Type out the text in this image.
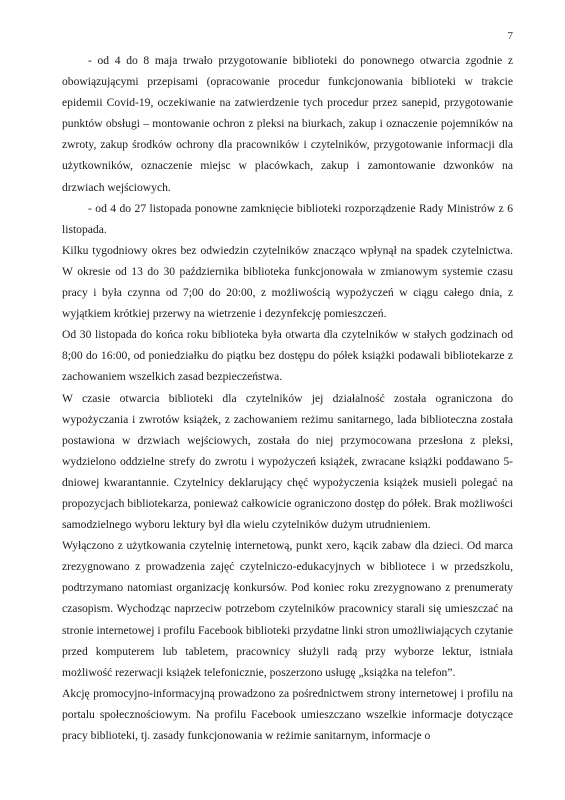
7

- od 4 do 8 maja trwało przygotowanie biblioteki do ponownego otwarcia zgodnie z obowiązującymi przepisami (opracowanie procedur funkcjonowania biblioteki w trakcie epidemii Covid-19, oczekiwanie na zatwierdzenie tych procedur przez sanepid, przygotowanie punktów obsługi – montowanie ochron z pleksi na biurkach, zakup i oznaczenie pojemników na zwroty, zakup środków ochrony dla pracowników i czytelników, przygotowanie informacji dla użytkowników, oznaczenie miejsc w placówkach, zakup i zamontowanie dzwonków na drzwiach wejściowych.

- od 4 do 27 listopada ponowne zamknięcie biblioteki rozporządzenie Rady Ministrów z 6 listopada.

Kilku tygodniowy okres bez odwiedzin czytelników znacząco wpłynął na spadek czytelnictwa. W okresie od 13 do 30 października biblioteka funkcjonowała w zmianowym systemie czasu pracy i była czynna od 7;00 do 20:00, z możliwością wypożyczeń w ciągu całego dnia, z wyjątkiem krótkiej przerwy na wietrzenie i dezynfekcję pomieszczeń.

Od 30 listopada do końca roku biblioteka była otwarta dla czytelników w stałych godzinach od 8;00 do 16:00, od poniedziałku do piątku bez dostępu do półek książki podawali bibliotekarze z zachowaniem wszelkich zasad bezpieczeństwa.

W czasie otwarcia biblioteki dla czytelników jej działalność została ograniczona do wypożyczania i zwrotów książek, z zachowaniem reżimu sanitarnego, lada biblioteczna została postawiona w drzwiach wejściowych, została do niej przymocowana przesłona z pleksi, wydzielono oddzielne strefy do zwrotu i wypożyczeń książek, zwracane książki poddawano 5-dniowej kwarantannie. Czytelnicy deklarujący chęć wypożyczenia książek musieli polegać na propozycjach bibliotekarza, ponieważ całkowicie ograniczono dostęp do półek. Brak możliwości samodzielnego wyboru lektury był dla wielu czytelników dużym utrudnieniem.

Wyłączono z użytkowania czytelnię internetową, punkt xero, kącik zabaw dla dzieci. Od marca zrezygnowano z prowadzenia zajęć czytelniczo-edukacyjnych w bibliotece i w przedszkolu, podtrzymano natomiast organizację konkursów. Pod koniec roku zrezygnowano z prenumeraty czasopism. Wychodząc naprzeciw potrzebom czytelników pracownicy starali się umieszczać na stronie internetowej i profilu Facebook biblioteki przydatne linki stron umożliwiających czytanie przed komputerem lub tabletem, pracownicy służyli radą przy wyborze lektur, istniała możliwość rezerwacji książek telefonicznie, poszerzono usługę „książka na telefon”.

Akcję promocyjno-informacyjną prowadzono za pośrednictwem strony internetowej i profilu na portalu społecznościowym. Na profilu Facebook umieszczano wszelkie informacje dotyczące pracy biblioteki, tj. zasady funkcjonowania w reżimie sanitarnym, informacje o
